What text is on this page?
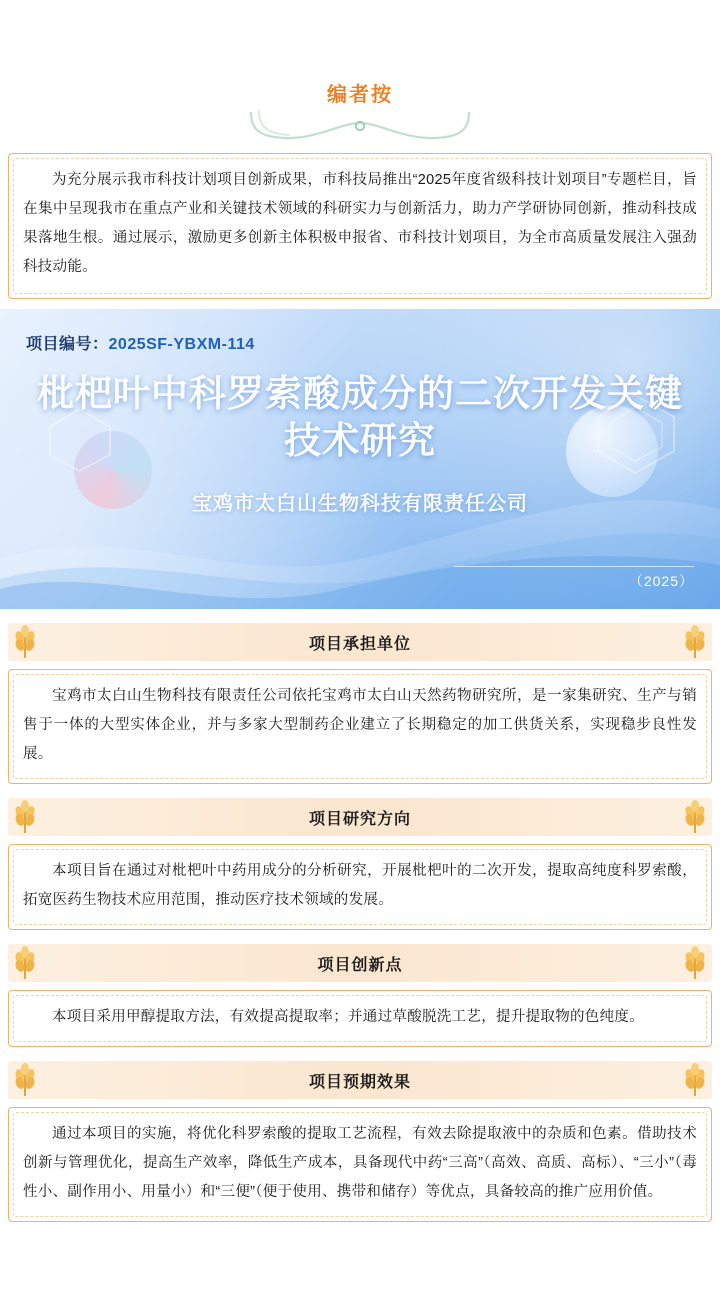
编者按
为充分展示我市科技计划项目创新成果，市科技局推出“2025年度省级科技计划项目”专题栏目，旨在集中呈现我市在重点产业和关键技术领域的科研实力与创新活力，助力产学研协同创新，推动科技成果落地生根。通过展示，激励更多创新主体积极申报省、市科技计划项目，为全市高质量发展注入强劲科技动能。
项目编号：2025SF-YBXM-114
枇杷叶中科罗索酸成分的二次开发关键技术研究
宝鸡市太白山生物科技有限责任公司
（2025）
项目承担单位
宝鸡市太白山生物科技有限责任公司依托宝鸡市太白山天然药物研究所，是一家集研究、生产与销售于一体的大型实体企业，并与多家大型制药企业建立了长期稳定的加工供货关系，实现稳步良性发展。
项目研究方向
本项目旨在通过对枇杷叶中药用成分的分析研究，开展枇杷叶的二次开发，提取高纯度科罗索酸，拓宽医药生物技术应用范围，推动医疗技术领域的发展。
项目创新点
本项目采用甲醇提取方法，有效提高提取率；并通过草酸脱洗工艺，提升提取物的色纯度。
项目预期效果
通过本项目的实施，将优化科罗索酸的提取工艺流程，有效去除提取液中的杂质和色素。借助技术创新与管理优化，提高生产效率，降低生产成本，具备现代中药“三高”（高效、高质、高标）、“三小”（毒性小、副作用小、用量小）和“三便”（便于使用、携带和储存）等优点，具备较高的推广应用价值。
